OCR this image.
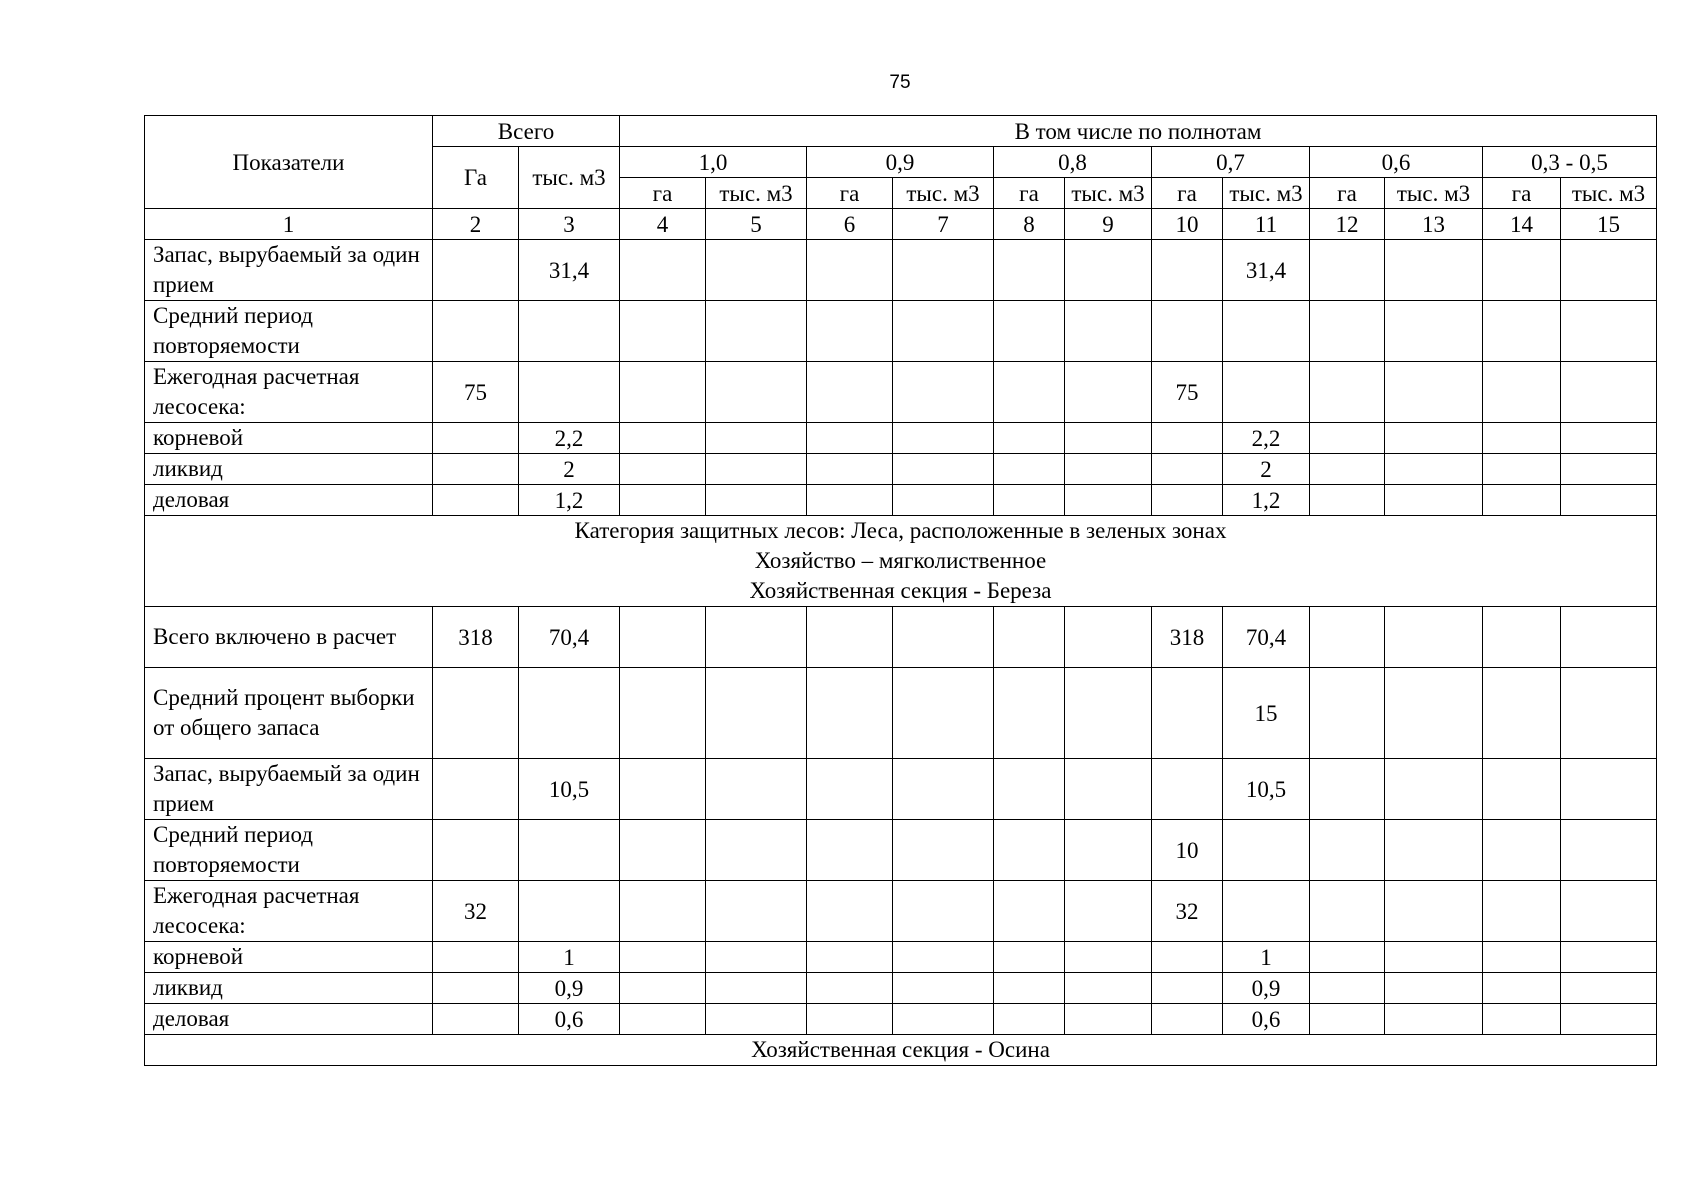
75
Показатели	Всего		В том числе по полнотам											
	Га	тыс. м3	1,0		0,9		0,8		0,7		0,6		0,3 - 0,5	
			га	тыс. м3	га	тыс. м3	га	тыс. м3	га	тыс. м3	га	тыс. м3	га	тыс. м3
1	2	3	4	5	6	7	8	9	10	11	12	13	14	15
Запас, вырубаемый за один прием		31,4								31,4				
Средний период повторяемости														
Ежегодная расчетная лесосека:	75								75					
корневой		2,2								2,2				
ликвид		2								2				
деловая		1,2								1,2				

Категория защитных лесов: Леса, расположенные в зеленых зонах
Хозяйство – мягколиственное
Хозяйственная секция - Береза														

Всего включено в расчет	318	70,4							318	70,4				
Средний процент выборки от общего запаса										15				
Запас, вырубаемый за один прием		10,5								10,5				
Средний период повторяемости									10					
Ежегодная расчетная лесосека:	32								32					
корневой		1								1				
ликвид		0,9								0,9				
деловая		0,6								0,6				
Хозяйственная секция - Осина														
